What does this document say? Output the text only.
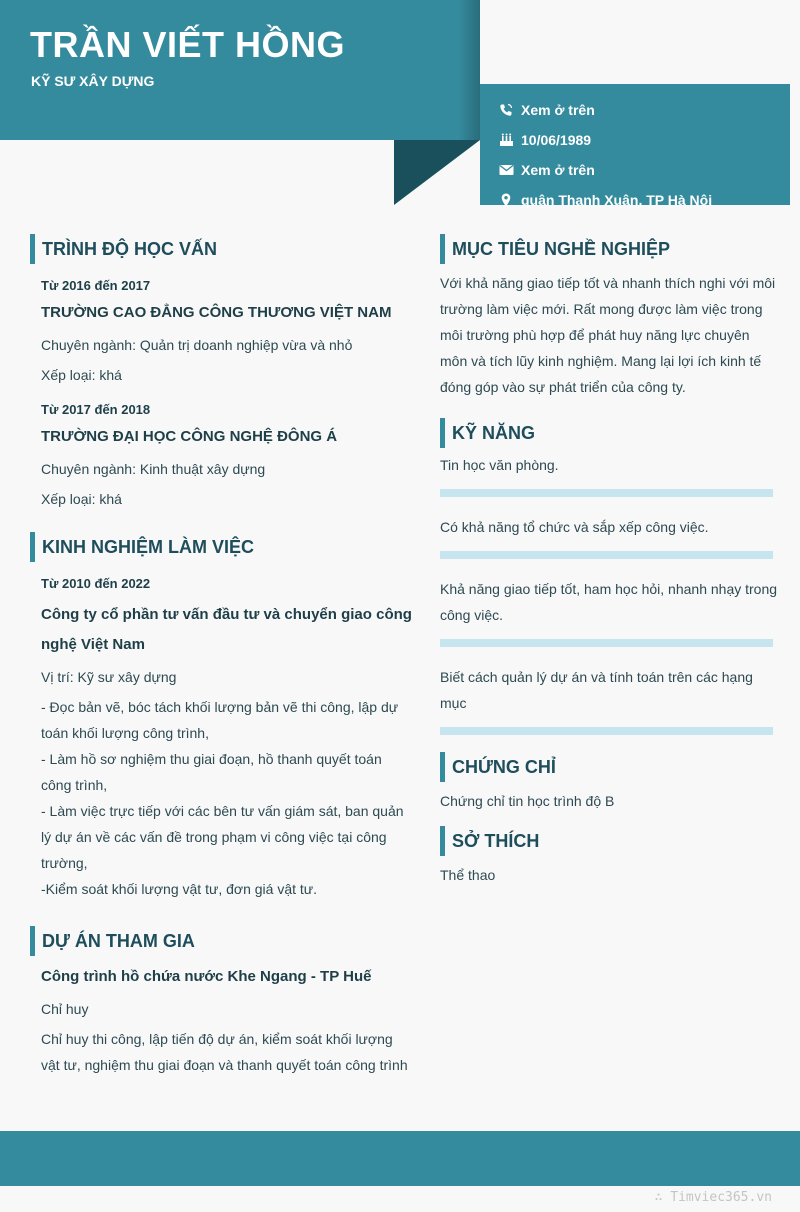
TRẦN VIẾT HỒNG
KỸ SƯ XÂY DỰNG
Xem ở trên
10/06/1989
Xem ở trên
quận Thanh Xuân, TP Hà Nội
TRÌNH ĐỘ HỌC VẤN
Từ 2016 đến 2017
TRƯỜNG CAO ĐẲNG CÔNG THƯƠNG VIỆT NAM
Chuyên ngành: Quản trị doanh nghiệp vừa và nhỏ
Xếp loại: khá
Từ 2017 đến 2018
TRƯỜNG ĐẠI HỌC CÔNG NGHỆ ĐÔNG Á
Chuyên ngành: Kinh thuật xây dựng
Xếp loại: khá
KINH NGHIỆM LÀM VIỆC
Từ 2010 đến 2022
Công ty cổ phần tư vấn đầu tư và chuyển giao công nghệ Việt Nam
Vị trí: Kỹ sư xây dựng
- Đọc bản vẽ, bóc tách khối lượng bản vẽ thi công, lập dự toán khối lượng công trình,
- Làm hồ sơ nghiệm thu giai đoạn, hồ thanh quyết toán công trình,
- Làm việc trực tiếp với các bên tư vấn giám sát, ban quản lý dự án về các vấn đề trong phạm vi công việc tại công trường,
-Kiểm soát khối lượng vật tư, đơn giá vật tư.
DỰ ÁN THAM GIA
Công trình hồ chứa nước Khe Ngang - TP Huế
Chỉ huy
Chỉ huy thi công, lập tiến độ dự án, kiểm soát khối lượng vật tư, nghiệm thu giai đoạn và thanh quyết toán công trình
MỤC TIÊU NGHỀ NGHIỆP
Với khả năng giao tiếp tốt và nhanh thích nghi với môi trường làm việc mới. Rất mong được làm việc trong môi trường phù hợp để phát huy năng lực chuyên môn và tích lũy kinh nghiệm. Mang lại lợi ích kinh tế đóng góp vào sự phát triển của công ty.
KỸ NĂNG
Tin học văn phòng.
Có khả năng tổ chức và sắp xếp công việc.
Khả năng giao tiếp tốt, ham học hỏi, nhanh nhạy trong công việc.
Biết cách quản lý dự án và tính toán trên các hạng mục
CHỨNG CHỈ
Chứng chỉ tin học trình độ B
SỞ THÍCH
Thể thao
∴ Timviec365.vn
